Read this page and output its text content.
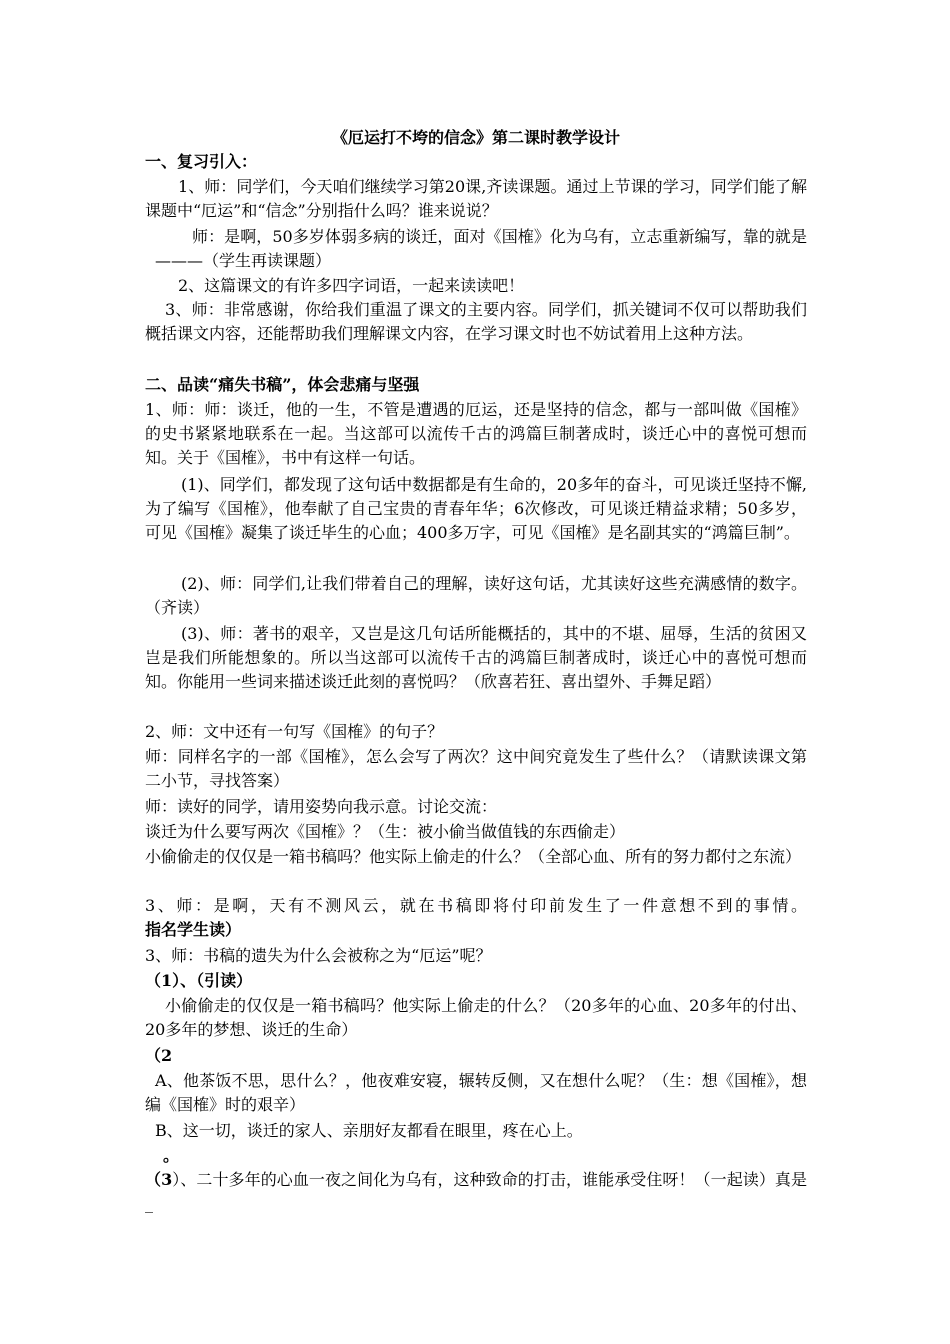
《厄运打不垮的信念》第二课时教学设计

一、复习引入：

1、师：同学们，今天咱们继续学习第20课,齐读课题。通过上节课的学习，同学们能了解课题中“厄运”和“信念”分别指什么吗？谁来说说？

师：是啊，50多岁体弱多病的谈迁，面对《国榷》化为乌有，立志重新编写，靠的就是———（学生再读课题）

2、这篇课文的有许多四字词语，一起来读读吧！

3、师：非常感谢，你给我们重温了课文的主要内容。同学们，抓关键词不仅可以帮助我们概括课文内容，还能帮助我们理解课文内容，在学习课文时也不妨试着用上这种方法。

二、品读“痛失书稿”，体会悲痛与坚强

1、师：师：谈迁，他的一生，不管是遭遇的厄运，还是坚持的信念，都与一部叫做《国榷》的史书紧紧地联系在一起。当这部可以流传千古的鸿篇巨制著成时，谈迁心中的喜悦可想而知。关于《国榷》，书中有这样一句话。

(1)、同学们，都发现了这句话中数据都是有生命的，20多年的奋斗，可见谈迁坚持不懈,为了编写《国榷》，他奉献了自己宝贵的青春年华；6次修改，可见谈迁精益求精；50多岁，可见《国榷》凝集了谈迁毕生的心血；400多万字，可见《国榷》是名副其实的“鸿篇巨制”。

(2)、师：同学们,让我们带着自己的理解，读好这句话，尤其读好这些充满感情的数字。（齐读）

(3)、师：著书的艰辛，又岂是这几句话所能概括的，其中的不堪、屈辱，生活的贫困又岂是我们所能想象的。所以当这部可以流传千古的鸿篇巨制著成时，谈迁心中的喜悦可想而知。你能用一些词来描述谈迁此刻的喜悦吗？（欣喜若狂、喜出望外、手舞足蹈）

2、师：文中还有一句写《国榷》的句子？

师：同样名字的一部《国榷》，怎么会写了两次？这中间究竟发生了些什么？（请默读课文第二小节，寻找答案）

师：读好的同学，请用姿势向我示意。讨论交流：

谈迁为什么要写两次《国榷》？（生：被小偷当做值钱的东西偷走）

小偷偷走的仅仅是一箱书稿吗？他实际上偷走的什么？（全部心血、所有的努力都付之东流）

3、师：是啊，天有不测风云，就在书稿即将付印前发生了一件意想不到的事情。指名学生读）

3、师：书稿的遗失为什么会被称之为“厄运”呢？

（1）、（引读）

小偷偷走的仅仅是一箱书稿吗？他实际上偷走的什么？（20多年的心血、20多年的付出、20多年的梦想、谈迁的生命）

（2

A、他茶饭不思，思什么？，他夜难安寝，辗转反侧，又在想什么呢？（生：想《国榷》，想编《国榷》时的艰辛）

B、这一切，谈迁的家人、亲朋好友都看在眼里，疼在心上。

。

（3）、二十多年的心血一夜之间化为乌有，这种致命的打击，谁能承受住呀！（一起读）真是 _
